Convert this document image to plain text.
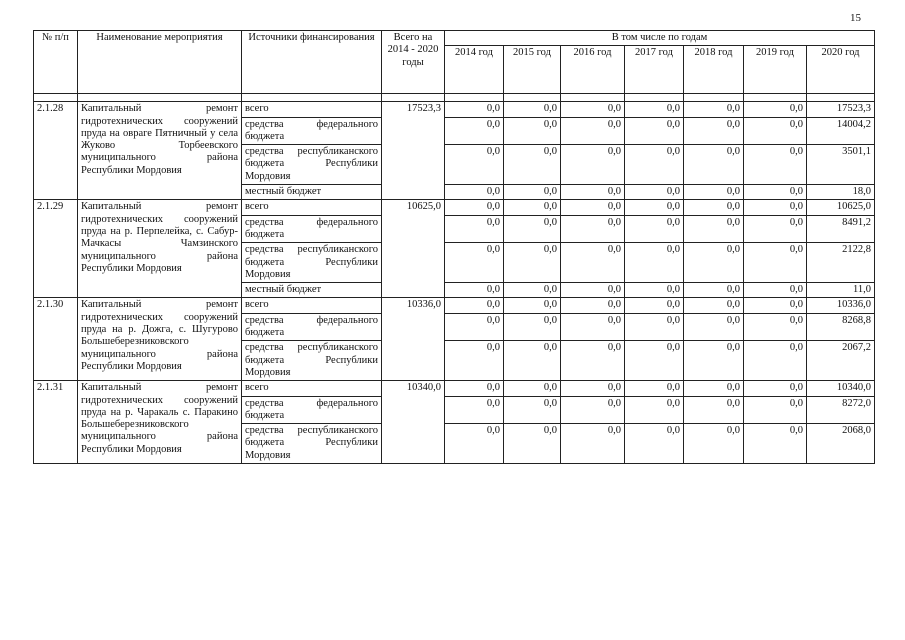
15
№ п/п	Наименование мероприятия	Источники финансирования	Всего на 2014 - 2020 годы	В том числе по годам						
				2014 год	2015 год	2016 год	2017 год	2018 год	2019 год	2020 год

2.1.28	Капитальный ремонт гидротехнических сооружений пруда на овраге Пятничный у села Жуково Торбеевского муниципального района Республики Мордовия	всего	17523,3	0,0	0,0	0,0	0,0	0,0	0,0	17523,3
		средства федерального бюджета		0,0	0,0	0,0	0,0	0,0	0,0	14004,2
		средства республиканского бюджета Республики Мордовия		0,0	0,0	0,0	0,0	0,0	0,0	3501,1
		местный бюджет		0,0	0,0	0,0	0,0	0,0	0,0	18,0
2.1.29	Капитальный ремонт гидротехнических сооружений пруда на р. Перпелейка, с. Сабур-Мачкасы Чамзинского муниципального района Республики Мордовия	всего	10625,0	0,0	0,0	0,0	0,0	0,0	0,0	10625,0
		средства федерального бюджета		0,0	0,0	0,0	0,0	0,0	0,0	8491,2
		средства республиканского бюджета Республики Мордовия		0,0	0,0	0,0	0,0	0,0	0,0	2122,8
		местный бюджет		0,0	0,0	0,0	0,0	0,0	0,0	11,0
2.1.30	Капитальный ремонт гидротехнических сооружений пруда на р. Дожга, с. Шугурово Большеберезниковского муниципального района Республики Мордовия	всего	10336,0	0,0	0,0	0,0	0,0	0,0	0,0	10336,0
		средства федерального бюджета		0,0	0,0	0,0	0,0	0,0	0,0	8268,8
		средства республиканского бюджета Республики Мордовия		0,0	0,0	0,0	0,0	0,0	0,0	2067,2
2.1.31	Капитальный ремонт гидротехнических сооружений пруда на р. Чаракаль с. Паракино Большеберезниковского муниципального района Республики Мордовия	всего	10340,0	0,0	0,0	0,0	0,0	0,0	0,0	10340,0
		средства федерального бюджета		0,0	0,0	0,0	0,0	0,0	0,0	8272,0
		средства республиканского бюджета Республики Мордовия		0,0	0,0	0,0	0,0	0,0	0,0	2068,0
